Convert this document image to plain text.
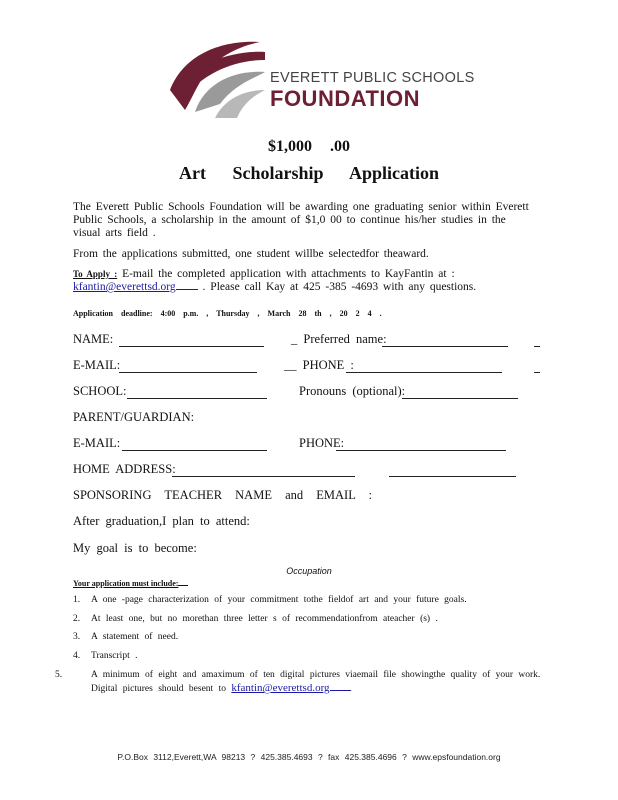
EVERETT PUBLIC SCHOOLS
FOUNDATION
$1,000 .00
Art Scholarship Application
The Everett Public Schools Foundation will be awarding one graduating senior within Everett Public Schools, a scholarship in the amount of $1,0 00 to continue his/her studies in the visual arts field .
From the applications submitted, one student willbe selectedfor theaward.
To Apply : E-mail the completed application with attachments to KayFantin at :
kfantin@everettsd.org . Please call Kay at 425 -385 -4693 with any questions.
Application deadline: 4:00 p.m. , Thursday , March 28 th , 20 2 4 .
NAME:	_ Preferred name:
E-MAIL:	__ PHONE :
SCHOOL:	Pronouns (optional):
PARENT/GUARDIAN:
E-MAIL:	PHONE:
HOME ADDRESS:
SPONSORING TEACHER NAME and EMAIL :
After graduation,I plan to attend:
My goal is to become:
Occupation
Your application must include:
1. A one -page characterization of your commitment tothe fieldof art and your future goals.
2. At least one, but no morethan three letter s of recommendationfrom ateacher (s) .
3. A statement of need.
4. Transcript .
5.	A minimum of eight and amaximum of ten digital pictures viaemail file showingthe quality of your work. Digital pictures should besent to kfantin@everettsd.org .
P.O.Box 3112,Everett,WA 98213 ? 425.385.4693 ? fax 425.385.4696 ? www.epsfoundation.org
